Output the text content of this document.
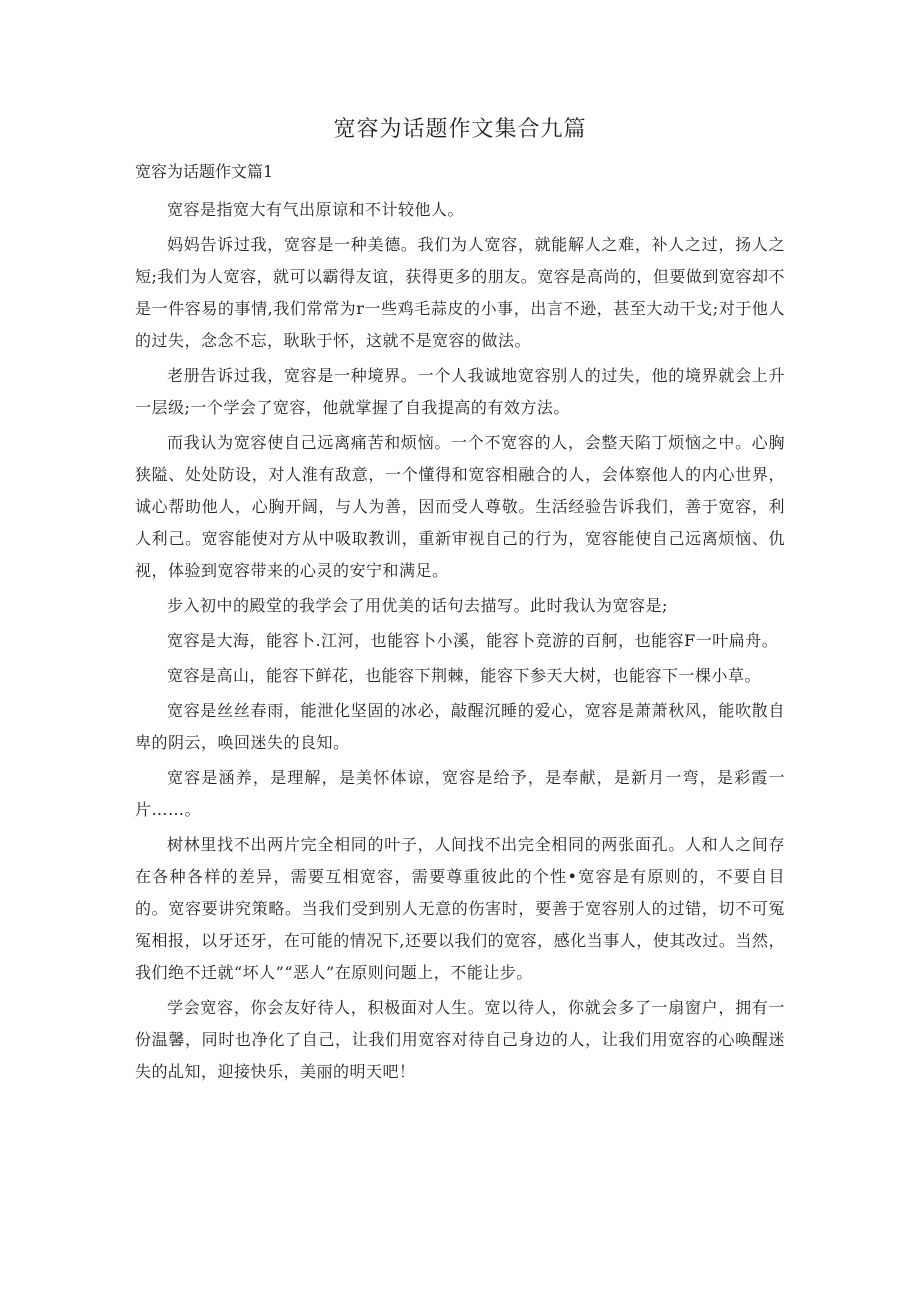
宽容为话题作文集合九篇
宽容为话题作文篇1

宽容是指宽大有气出原谅和不计较他人。

妈妈告诉过我，宽容是一种美德。我们为人宽容，就能解人之难，补人之过，扬人之短;我们为人宽容，就可以霸得友谊，获得更多的朋友。宽容是高尚的，但要做到宽容却不是一件容易的事情,我们常常为r一些鸡毛蒜皮的小事，出言不逊，甚至大动干戈;对于他人的过失，念念不忘，耿耿于怀，这就不是宽容的做法。

老册告诉过我，宽容是一种境界。一个人我诚地宽容别人的过失，他的境界就会上升一层级;一个学会了宽容，他就掌握了自我提高的有效方法。

而我认为宽容使自己远离痛苦和烦恼。一个不宽容的人，会整天陷丁烦恼之中。心胸狭隘、处处防设，对人淮有敌意，一个懂得和宽容相融合的人，会体察他人的内心世界，诚心帮助他人，心胸开阔，与人为善，因而受人尊敬。生活经验告诉我们，善于宽容，利人利己。宽容能使对方从中吸取教训，重新审视自己的行为，宽容能使自己远离烦恼、仇视，体验到宽容带来的心灵的安宁和满足。

步入初中的殿堂的我学会了用优美的话句去描写。此时我认为宽容是;

宽容是大海，能容卜.江河，也能容卜小溪，能容卜竞游的百舸，也能容F一叶扁舟。

宽容是高山，能容下鲜花，也能容下荆棘，能容下参天大树，也能容下一棵小草。

宽容是丝丝春雨，能泄化坚固的冰必，敲醒沉睡的爱心，宽容是萧萧秋风，能吹散自卑的阴云，唤回迷失的良知。

宽容是涵养，是理解，是美怀体谅，宽容是给予，是奉献，是新月一弯，是彩霞一片……。

树林里找不出两片完全相同的叶子，人间找不出完全相同的两张面孔。人和人之间存在各种各样的差异，需要互相宽容，需要尊重彼此的个性•宽容是有原则的，不要自目的。宽容要讲究策略。当我们受到别人无意的伤害时，要善于宽容别人的过错，切不可冤冤相报，以牙还牙，在可能的情况下,还要以我们的宽容，感化当事人，使其改过。当然，我们绝不迁就“坏人”“恶人”在原则问题上，不能让步。

学会宽容，你会友好待人，积极面对人生。宽以待人，你就会多了一扇窗户，拥有一份温馨，同时也净化了自己，让我们用宽容对待自己身边的人，让我们用宽容的心唤醒迷失的乩知，迎接快乐，美丽的明天吧！
